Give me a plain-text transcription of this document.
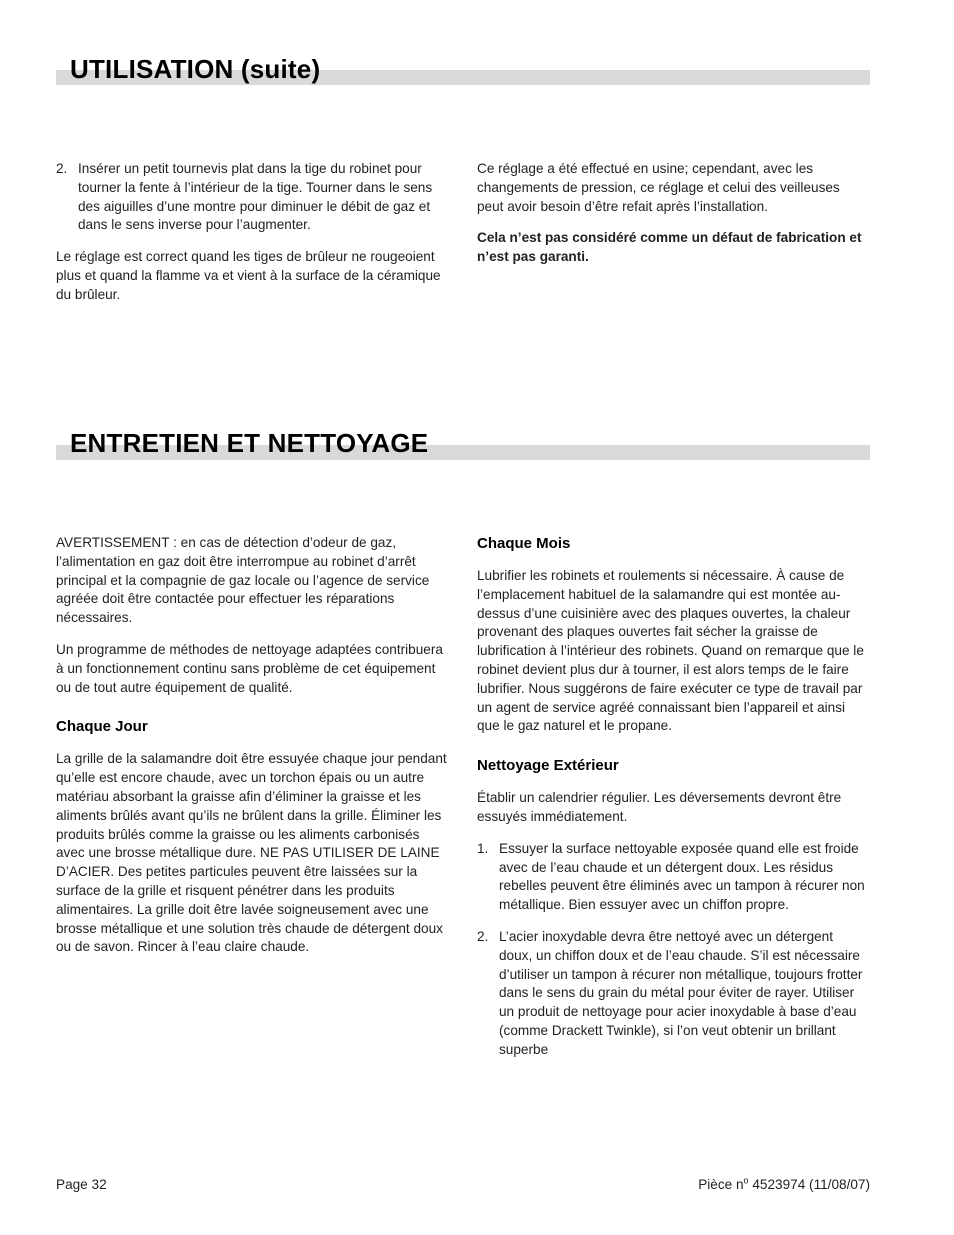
UTILISATION (suite)
2. Insérer un petit tournevis plat dans la tige du robinet pour tourner la fente à l’intérieur de la tige. Tourner dans le sens des aiguilles d’une montre pour diminuer le débit de gaz et dans le sens inverse pour l’augmenter.

Le réglage est correct quand les tiges de brûleur ne rougeoient plus et quand la flamme va et vient à la surface de la céramique du brûleur.

Ce réglage a été effectué en usine; cependant, avec les changements de pression, ce réglage et celui des veilleuses peut avoir besoin d’être refait après l’installation.

Cela n’est pas considéré comme un défaut de fabrication et n’est pas garanti.

ENTRETIEN ET NETTOYAGE

AVERTISSEMENT : en cas de détection d’odeur de gaz, l’alimentation en gaz doit être interrompue au robinet d’arrêt principal et la compagnie de gaz locale ou l’agence de service agréée doit être contactée pour effectuer les réparations nécessaires.

Un programme de méthodes de nettoyage adaptées contribuera à un fonctionnement continu sans problème de cet équipement ou de tout autre équipement de qualité.

Chaque Jour

La grille de la salamandre doit être essuyée chaque jour pendant qu’elle est encore chaude, avec un torchon épais ou un autre matériau absorbant la graisse afin d’éliminer la graisse et les aliments brûlés avant qu’ils ne brûlent dans la grille. Éliminer les produits brûlés comme la graisse ou les aliments carbonisés avec une brosse métallique dure. NE PAS UTILISER DE LAINE D’ACIER. Des petites particules peuvent être laissées sur la surface de la grille et risquent pénétrer dans les produits alimentaires. La grille doit être lavée soigneusement avec une brosse métallique et une solution très chaude de détergent doux ou de savon. Rincer à l’eau claire chaude.

Chaque Mois

Lubrifier les robinets et roulements si nécessaire. À cause de l’emplacement habituel de la salamandre qui est montée au-dessus d’une cuisinière avec des plaques ouvertes, la chaleur provenant des plaques ouvertes fait sécher la graisse de lubrification à l’intérieur des robinets. Quand on remarque que le robinet devient plus dur à tourner, il est alors temps de le faire lubrifier. Nous suggérons de faire exécuter ce type de travail par un agent de service agréé connaissant bien l’appareil et ainsi que le gaz naturel et le propane.

Nettoyage Extérieur

Établir un calendrier régulier. Les déversements devront être essuyés immédiatement.

1. Essuyer la surface nettoyable exposée quand elle est froide avec de l’eau chaude et un détergent doux. Les résidus rebelles peuvent être éliminés avec un tampon à récurer non métallique. Bien essuyer avec un chiffon propre.
2. L’acier inoxydable devra être nettoyé avec un détergent doux, un chiffon doux et de l’eau chaude. S’il est nécessaire d’utiliser un tampon à récurer non métallique, toujours frotter dans le sens du grain du métal pour éviter de rayer. Utiliser un produit de nettoyage pour acier inoxydable à base d’eau (comme Drackett Twinkle), si l’on veut obtenir un brillant superbe
Page 32	Pièce $n^o$ 4523974 (11/08/07)
